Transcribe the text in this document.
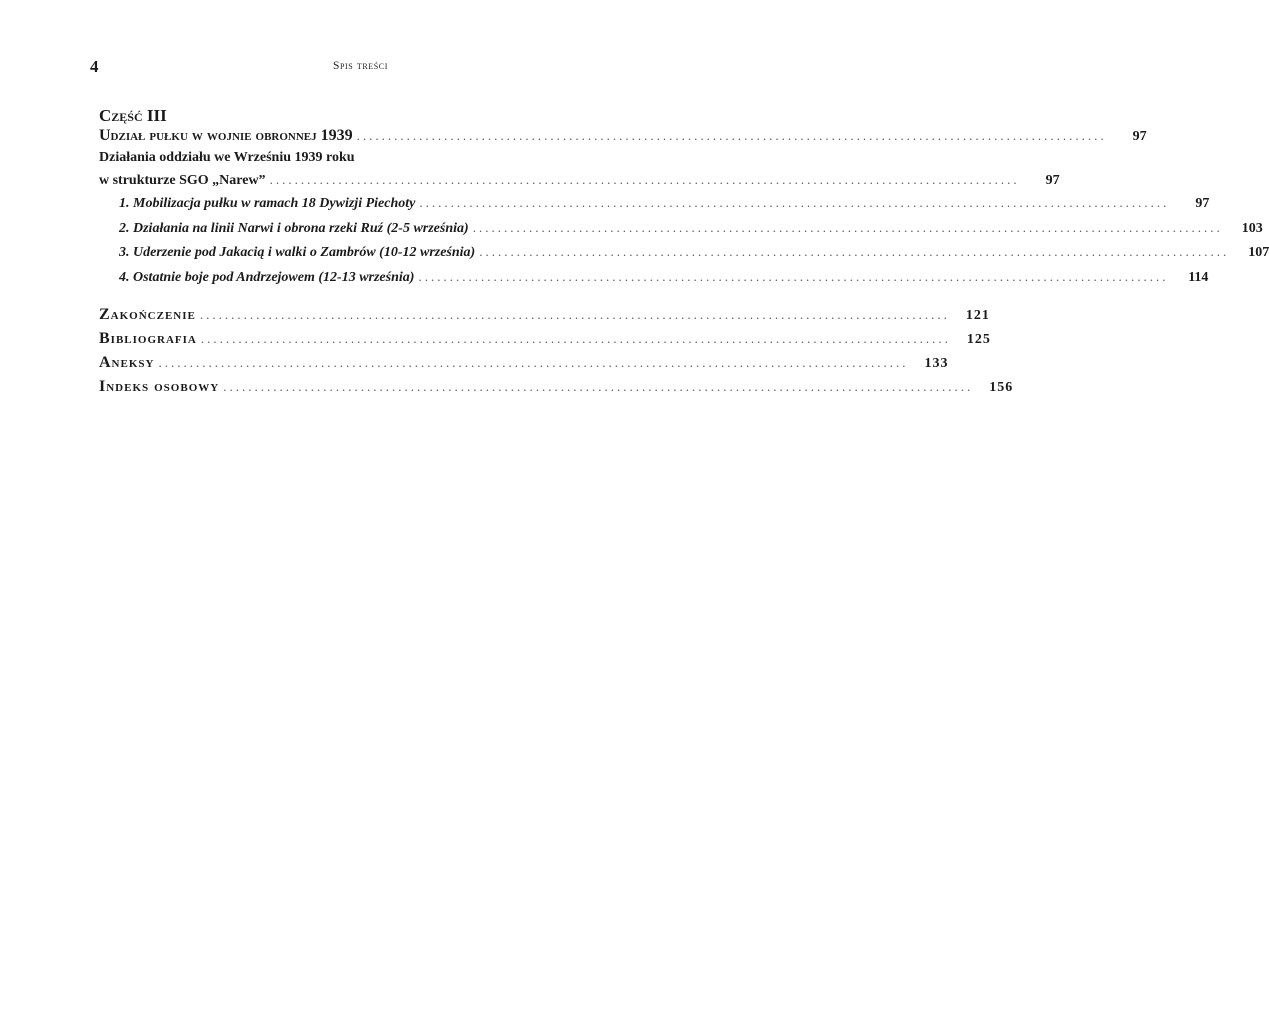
4	Spis treści
Część III
Udział pułku w wojnie obronnej 1939 ........................................................................................................................	97
Działania oddziału we Wrześniu 1939 roku
w strukturze SGO „Narew” ........................................................................................................................	97
1. Mobilizacja pułku w ramach 18 Dywizji Piechoty ........................................................................................................................	97
2. Działania na linii Narwi i obrona rzeki Ruź (2-5 września) ........................................................................................................................	103
3. Uderzenie pod Jakacią i walki o Zambrów (10-12 września) ........................................................................................................................	107
4. Ostatnie boje pod Andrzejowem (12-13 września) ........................................................................................................................	114
Zakończenie ........................................................................................................................	121
Bibliografia ........................................................................................................................	125
Aneksy ........................................................................................................................	133
Indeks osobowy ........................................................................................................................	156
